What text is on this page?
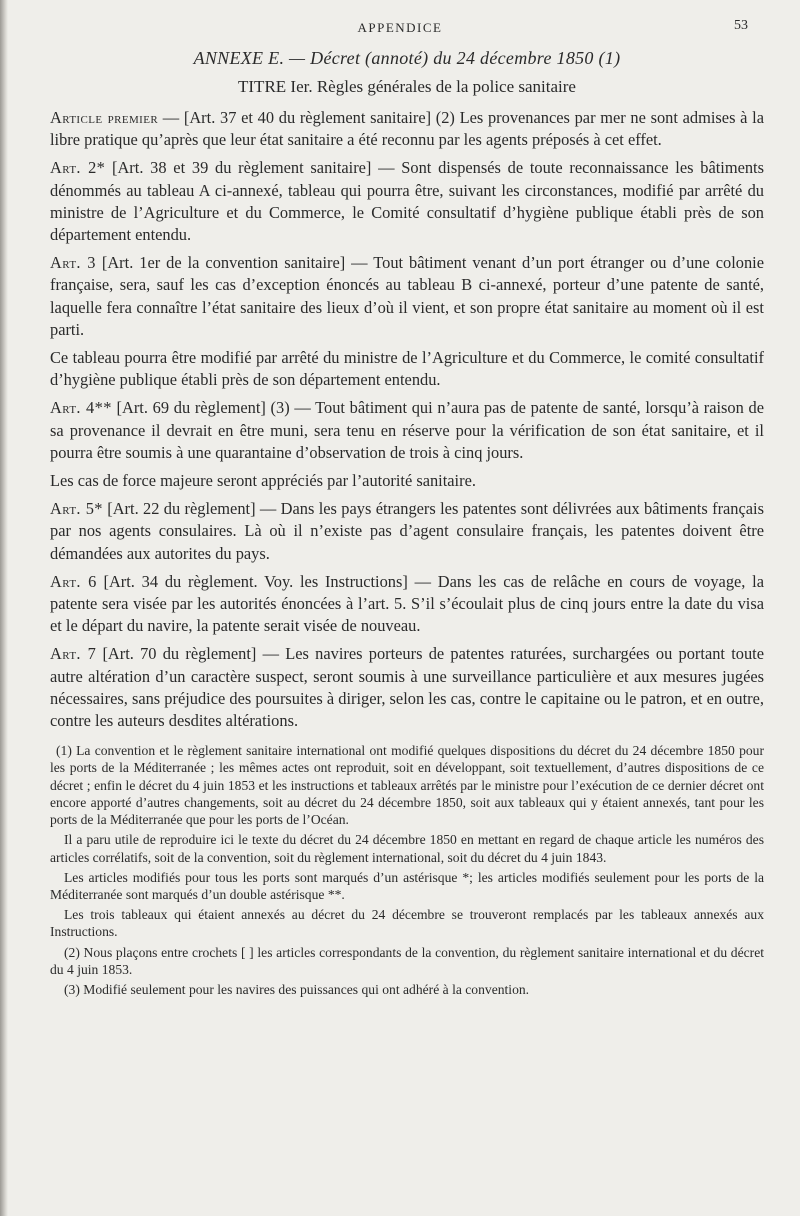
APPENDICE	53
ANNEXE E. — Décret (annoté) du 24 décembre 1850 (1)
TITRE Ier. Règles générales de la police sanitaire

Article premier — [Art. 37 et 40 du règlement sanitaire] (2) Les provenances par mer ne sont admises à la libre pratique qu’après que leur état sanitaire a été reconnu par les agents préposés à cet effet.

Art. 2* [Art. 38 et 39 du règlement sanitaire] — Sont dispensés de toute reconnaissance les bâtiments dénommés au tableau A ci-annexé, tableau qui pourra être, suivant les circonstances, modifié par arrêté du ministre de l’Agriculture et du Commerce, le Comité consultatif d’hygiène publique établi près de son département entendu.

Art. 3 [Art. 1er de la convention sanitaire] — Tout bâtiment venant d’un port étranger ou d’une colonie française, sera, sauf les cas d’exception énoncés au tableau B ci-annexé, porteur d’une patente de santé, laquelle fera connaître l’état sanitaire des lieux d’où il vient, et son propre état sanitaire au moment où il est parti.

Ce tableau pourra être modifié par arrêté du ministre de l’Agriculture et du Commerce, le comité consultatif d’hygiène publique établi près de son département entendu.

Art. 4** [Art. 69 du règlement] (3) — Tout bâtiment qui n’aura pas de patente de santé, lorsqu’à raison de sa provenance il devrait en être muni, sera tenu en réserve pour la vérification de son état sanitaire, et il pourra être soumis à une quarantaine d’observation de trois à cinq jours.

Les cas de force majeure seront appréciés par l’autorité sanitaire.

Art. 5* [Art. 22 du règlement] — Dans les pays étrangers les patentes sont délivrées aux bâtiments français par nos agents consulaires. Là où il n’existe pas d’agent consulaire français, les patentes doivent être démandées aux autorites du pays.

Art. 6 [Art. 34 du règlement. Voy. les Instructions] — Dans les cas de relâche en cours de voyage, la patente sera visée par les autorités énoncées à l’art. 5. S’il s’écoulait plus de cinq jours entre la date du visa et le départ du navire, la patente serait visée de nouveau.

Art. 7 [Art. 70 du règlement] — Les navires porteurs de patentes raturées, surchargées ou portant toute autre altération d’un caractère suspect, seront soumis à une surveillance particulière et aux mesures jugées nécessaires, sans préjudice des poursuites à diriger, selon les cas, contre le capitaine ou le patron, et en outre, contre les auteurs desdites altérations.

(1) La convention et le règlement sanitaire international ont modifié quelques dispositions du décret du 24 décembre 1850 pour les ports de la Méditerranée ; les mêmes actes ont reproduit, soit en développant, soit textuellement, d’autres dispositions de ce décret ; enfin le décret du 4 juin 1853 et les instructions et tableaux arrêtés par le ministre pour l’exécution de ce dernier décret ont encore apporté d’autres changements, soit au décret du 24 décembre 1850, soit aux tableaux qui y étaient annexés, tant pour les ports de la Méditerranée que pour les ports de l’Océan.

Il a paru utile de reproduire ici le texte du décret du 24 décembre 1850 en mettant en regard de chaque article les numéros des articles corrélatifs, soit de la convention, soit du règlement international, soit du décret du 4 juin 1843.

Les articles modifiés pour tous les ports sont marqués d’un astérisque *; les articles modifiés seulement pour les ports de la Méditerranée sont marqués d’un double astérisque **.

Les trois tableaux qui étaient annexés au décret du 24 décembre se trouveront remplacés par les tableaux annexés aux Instructions.

(2) Nous plaçons entre crochets [ ] les articles correspondants de la convention, du règlement sanitaire international et du décret du 4 juin 1853.

(3) Modifié seulement pour les navires des puissances qui ont adhéré à la convention.
